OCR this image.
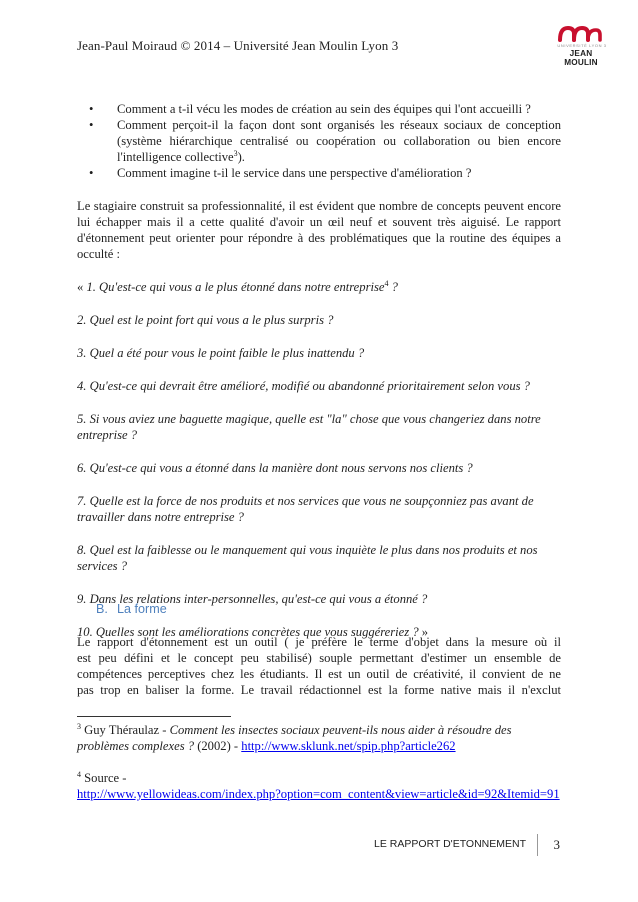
Jean-Paul Moiraud © 2014 – Université Jean Moulin Lyon 3	UNIVERSITÉ LYON 3
JEAN MOULIN
• Comment a t-il vécu les modes de création au sein des équipes qui l'ont accueilli ?
• Comment perçoit-il la façon dont sont organisés les réseaux sociaux de conception (système hiérarchique centralisé ou coopération ou collaboration ou bien encore l'intelligence collective$^3$).
• Comment imagine t-il le service dans une perspective d'amélioration ?

Le stagiaire construit sa professionnalité, il est évident que nombre de concepts peuvent encore lui échapper mais il a cette qualité d'avoir un œil neuf et souvent très aiguisé. Le rapport d'étonnement peut orienter pour répondre à des problématiques que la routine des équipes a occulté :

« 1. Qu'est-ce qui vous a le plus étonné dans notre entreprise$^4$ ?

2. Quel est le point fort qui vous a le plus surpris ?

3. Quel a été pour vous le point faible le plus inattendu ?

4. Qu'est-ce qui devrait être amélioré, modifié ou abandonné prioritairement selon vous ?

5. Si vous aviez une baguette magique, quelle est "la" chose que vous changeriez dans notre entreprise ?

6. Qu'est-ce qui vous a étonné dans la manière dont nous servons nos clients ?

7. Quelle est la force de nos produits et nos services que vous ne soupçonniez pas avant de travailler dans notre entreprise ?

8. Quel est la faiblesse ou le manquement qui vous inquiète le plus dans nos produits et nos services ?

9. Dans les relations inter-personnelles, qu'est-ce qui vous a étonné ?

10. Quelles sont les améliorations concrètes que vous suggéreriez ? »

B. La forme

Le rapport d'étonnement est un outil ( je préfère le terme d'objet dans la mesure où il

est peu défini et le concept peu stabilisé) souple permettant d'estimer un ensemble de

compétences perceptives chez les étudiants. Il est un outil de créativité, il convient de ne

pas trop en baliser la forme. Le travail rédactionnel est la forme native mais il n'exclut

$^3$ Guy Théraulaz - Comment les insectes sociaux peuvent-ils nous aider à résoudre des problèmes complexes ? (2002) - http://www.sklunk.net/spip.php?article262

$^4$ Source -
http://www.yellowideas.com/index.php?option=com_content&view=article&id=92&Itemid=91

LE RAPPORT D'ETONNEMENT 3
